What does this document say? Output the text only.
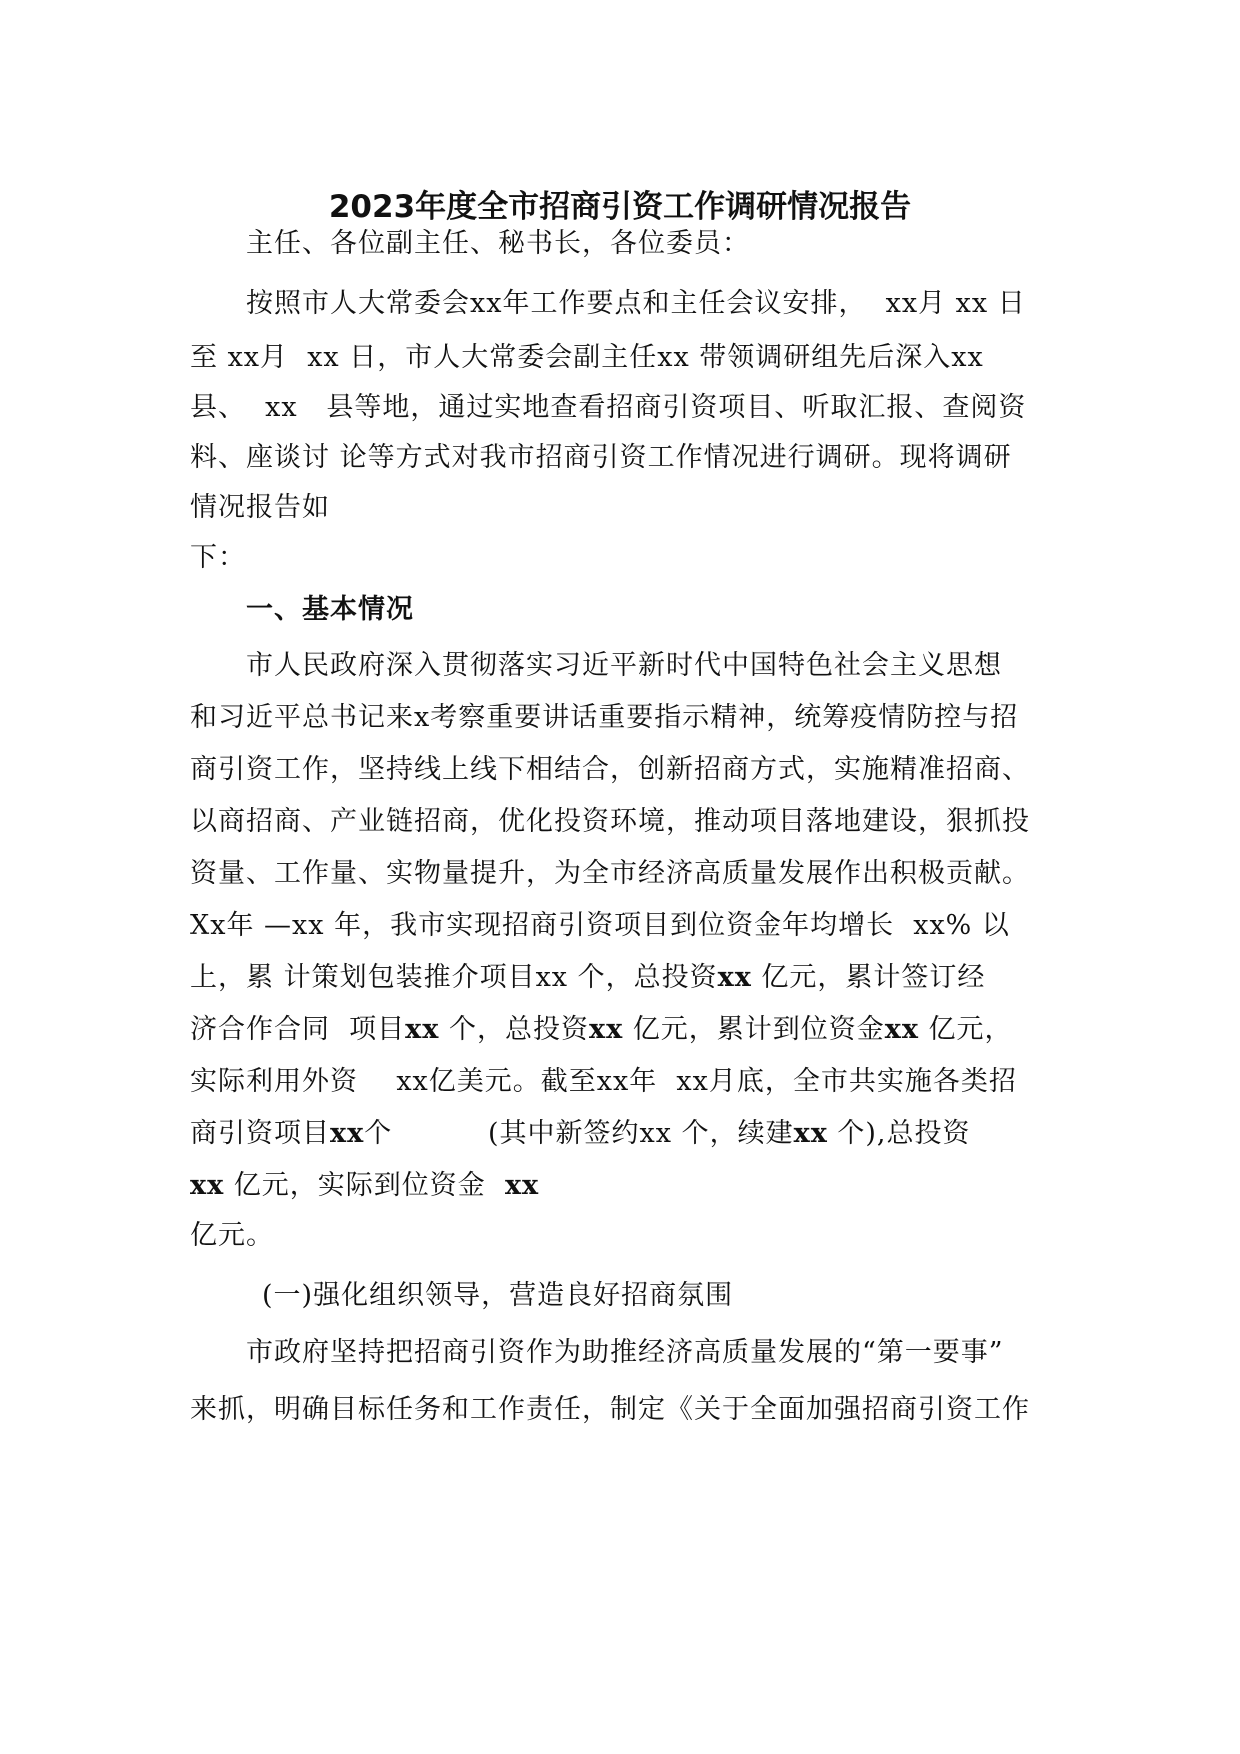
2023年度全市招商引资工作调研情况报告
主任、各位副主任、秘书长，各位委员：
按照市人大常委会xx年工作要点和主任会议安排，  xx月 xx 日
至 xx月  xx 日，市人大常委会副主任xx 带领调研组先后深入xx
县、  xx   县等地，通过实地查看招商引资项目、听取汇报、查阅资
料、座谈讨 论等方式对我市招商引资工作情况进行调研。现将调研
情况报告如
下：
一、基本情况
市人民政府深入贯彻落实习近平新时代中国特色社会主义思想
和习近平总书记来x考察重要讲话重要指示精神，统筹疫情防控与招
商引资工作，坚持线上线下相结合，创新招商方式，实施精准招商、
以商招商、产业链招商，优化投资环境，推动项目落地建设，狠抓投
资量、工作量、实物量提升，为全市经济高质量发展作出积极贡献。
Xx年 —xx 年，我市实现招商引资项目到位资金年均增长  xx% 以
上，累 计策划包装推介项目xx 个，总投资xx 亿元，累计签订经
济合作合同  项目xx 个，总投资xx 亿元，累计到位资金xx 亿元，
实际利用外资    xx亿美元。截至xx年  xx月底，全市共实施各类招
商引资项目xx个          (其中新签约xx 个，续建xx 个),总投资
xx 亿元，实际到位资金  xx
亿元。
(一)强化组织领导，营造良好招商氛围
市政府坚持把招商引资作为助推经济高质量发展的“第一要事”
来抓，明确目标任务和工作责任，制定《关于全面加强招商引资工作
